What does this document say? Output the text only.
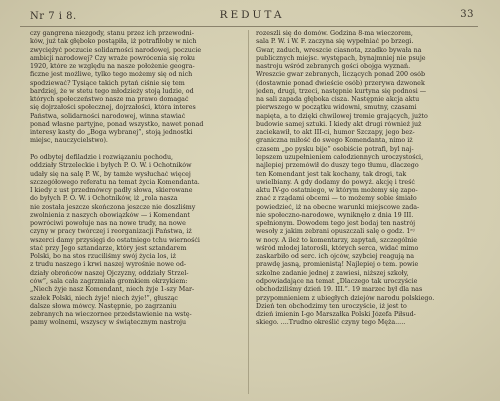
Nr 7 i 8.	REDUTA	33
czy gangrena niezgody, stanu przez ich przewodni-
ków, już tak głęboko postąpiła, iż potrafiłoby w nich
zwyciężyć poczucie solidarności narodowej, poczucie
ambicji narodowej? Czy wraże powrócenia się roku
1920, które ze względu na nasze położenie geogra-
ficzne jest możliwe, tylko tego możemy się od nich
spodziewać? Tysiące takich pytań ciśnie się tem
bardziej, że w stetu tego młodzieży stoją ludzie, od
których społeczeństwo nasze ma prawo domagać
się dojrzałości społecznej, dojrzałości, która interes
Państwa, solidarności narodowej, winna stawiać
ponad własne partyjne, ponad wszystko, nawet ponad
interesy kasty do „Boga wybranej”, stoją jednostki
miejsc, nauczycielstwo).

Po odbytej defiladzie i rozwiązaniu pochodu,
oddziały Strzeleckie i byłych P. O. W. i Ochotników
udały się na salę P. W., by tamże wysłuchać więcej
szczegółowego referatu na temat życia Komendanta.
I kiedy z ust przedmówcy padły słowa, skierowane
do byłych P. O. W. i Ochotników, iż „rola nasza
nie została jeszcze skończona jeszcze nie doszliśmy
zwolnienia z naszych obowiązków — i Komendant
powróciwi powołuje nas na nowe trudy, na nowe
czyny w pracy twórczej i reorganizacji Państwa, iż
wszerci damy przysięgi do ostatniego tchu wiernośći
stać przy Jego sztandarze, który jest sztandarem
Polski, bo na stos rzuciliśmy swój życia los, iż
z trudu naszego i krwi naszej wyrośnie nowe od-
działy obrońców naszej Ojczyzny, oddziały Strzel-
ców”, sala cała zagrzmiała gromkiem okrzykiem:
„Niech żyje nasz Komendant, niech żyje 1-szy Mar-
szałek Polski, niech żyje! niech żyje!”, głusząc
dalsze słowa mówcy. Następnie, po zagrzaniu
zebranych na wieczornee przedstawienie na wstę-
pamy wolnemi, wszyscy w świątecznym nastroju
rozeszli się do domów. Godzina 8-ma wieczorem,
sala P. W. i W. F. zaczyna się wypełniać po brzegi.
Gwar, zaduch, wreszcie ciasnota, zzadko bywała na
publicznych miejsc. występach, bynajmniej nie psuje
nastroju wśród zebranych gości obojga wyznań.
Wreszcie gwar zebranych, liczących ponad 200 osób
(dostawnie ponad dwieście osób) przerywa dzwonek
jeden, drugi, trzeci, następnie kurtyna się podnosi —
na sali zapada głęboka cisza. Następnie akcja aktu
pierwszego w początku widowni, smutny, czasami
napięta, a to dzięki chwilowej tremie grających, jużto
budowie samej sztuki. I kiedy akt drugi również już
zaciekawił, to akt III-ci, humor Szczapy, jego bez-
graniczna miłość do swego Komendanta, nimo iż
czasem „po pysku bije” osobiście potrafi, byl naj-
lepszem uzupełnieniem całodziennych uroczystości,
najlepiej przemówił do duszy tego tłumu, dlaczego
ten Komendant jest tak kochany, tak drogi, tak
uwielbiany. A gdy dodamy do powyż. akcję i treść
aktu IV-go ostatniego, w którym możemy się zapo-
znać z rządami obcemi — to możemy sobie śmiało
powiedzieć, iż na obecne warunki miejscowe zada-
nie społeczno-narodowe, wyniknęło z dnia 19 III.
spełnionym. Dowodem tego jest bodaj ten nastrój
wesoły z jakim zebrani opuszczali salę o godz. 1ᵉʲ
w nocy. A ileż to komentarzy, zapytań, szczególnie
wśród młodej latorośli, których serca, widać mimo
zaskarbiło od serc. ich ojców, szybciej reagują na
prawdę jasną, promienistą! Najlepiej o tem. powie
szkolne zadanie jednej z zawiesi, niższej szkoły,
odpowiadające na temat „Dlaczego tak uroczyście
obchodziliśmy dzień 19. III.”. 19 marzec był dla nas
przypomnieniem z ubiegłych dziejów narodu polskiego.
Dzień ten obchodzimy ten uroczyście, iż jest to
dzień imienin I-go Marszałka Polski Józefa Piłsud-
skiego. ....Trudno określić czyny tego Męża.....
